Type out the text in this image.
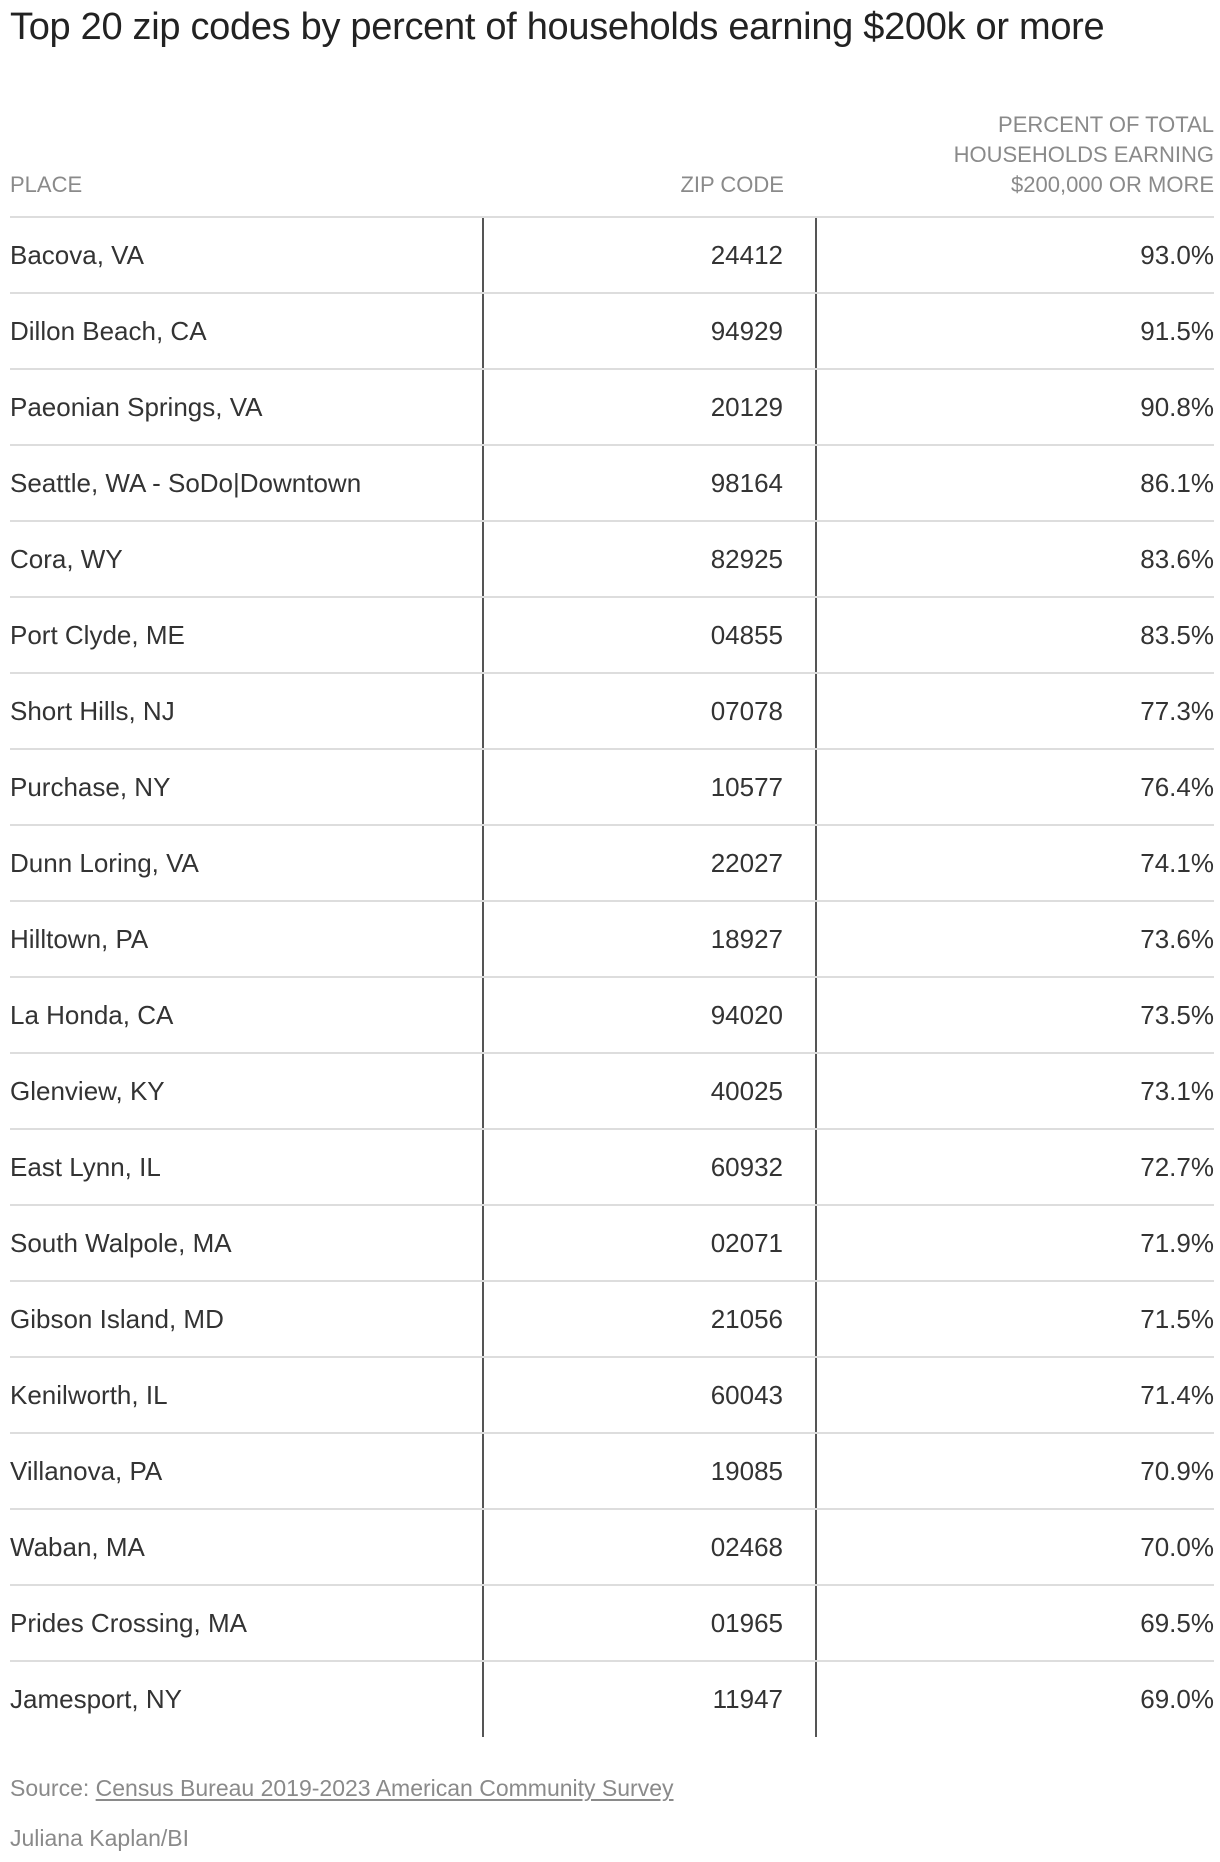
Top 20 zip codes by percent of households earning $200k or more
PLACE	ZIP CODE	PERCENT OF TOTAL
HOUSEHOLDS EARNING
$200,000 OR MORE

Bacova, VA	24412	93.0%
Dillon Beach, CA	94929	91.5%
Paeonian Springs, VA	20129	90.8%
Seattle, WA - SoDo|Downtown	98164	86.1%
Cora, WY	82925	83.6%
Port Clyde, ME	04855	83.5%
Short Hills, NJ	07078	77.3%
Purchase, NY	10577	76.4%
Dunn Loring, VA	22027	74.1%
Hilltown, PA	18927	73.6%
La Honda, CA	94020	73.5%
Glenview, KY	40025	73.1%
East Lynn, IL	60932	72.7%
South Walpole, MA	02071	71.9%
Gibson Island, MD	21056	71.5%
Kenilworth, IL	60043	71.4%
Villanova, PA	19085	70.9%
Waban, MA	02468	70.0%
Prides Crossing, MA	01965	69.5%
Jamesport, NY	11947	69.0%
Source: Census Bureau 2019-2023 American Community Survey
Juliana Kaplan/BI
